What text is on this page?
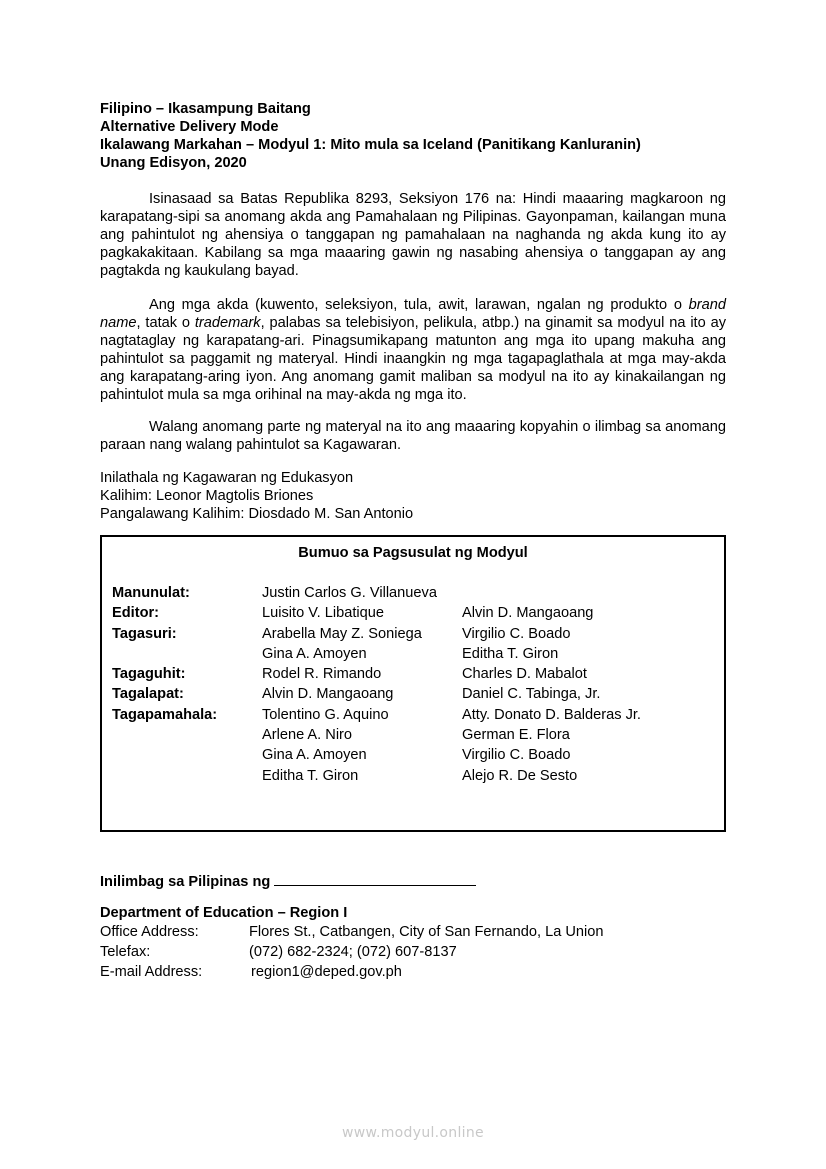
Filipino – Ikasampung Baitang
Alternative Delivery Mode
Ikalawang Markahan – Modyul 1: Mito mula sa Iceland (Panitikang Kanluranin)
Unang Edisyon, 2020
Isinasaad sa Batas Republika 8293, Seksiyon 176 na: Hindi maaaring magkaroon ng karapatang-sipi sa anomang akda ang Pamahalaan ng Pilipinas. Gayonpaman, kailangan muna ang pahintulot ng ahensiya o tanggapan ng pamahalaan na naghanda ng akda kung ito ay pagkakakitaan. Kabilang sa mga maaaring gawin ng nasabing ahensiya o tanggapan ay ang pagtakda ng kaukulang bayad.
Ang mga akda (kuwento, seleksiyon, tula, awit, larawan, ngalan ng produkto o brand name, tatak o trademark, palabas sa telebisiyon, pelikula, atbp.) na ginamit sa modyul na ito ay nagtataglay ng karapatang-ari. Pinagsumikapang matunton ang mga ito upang makuha ang pahintulot sa paggamit ng materyal. Hindi inaangkin ng mga tagapaglathala at mga may-akda ang karapatang-aring iyon. Ang anomang gamit maliban sa modyul na ito ay kinakailangan ng pahintulot mula sa mga orihinal na may-akda ng mga ito.
Walang anomang parte ng materyal na ito ang maaaring kopyahin o ilimbag sa anomang paraan nang walang pahintulot sa Kagawaran.
Inilathala ng Kagawaran ng Edukasyon
Kalihim: Leonor Magtolis Briones
Pangalawang Kalihim: Diosdado M. San Antonio
Bumuo sa Pagsusulat ng Modyul
Manunulat:	Justin Carlos G. Villanueva
Editor:	Luisito V. Libatique	Alvin D. Mangaoang
Tagasuri:	Arabella May Z. Soniega	Virgilio C. Boado
Gina A. Amoyen	Editha T. Giron
Tagaguhit:	Rodel R. Rimando	Charles D. Mabalot
Tagalapat:	Alvin D. Mangaoang	Daniel C. Tabinga, Jr.
Tagapamahala:	Tolentino G. Aquino	Atty. Donato D. Balderas Jr.
Arlene A. Niro	German E. Flora
Gina A. Amoyen	Virgilio C. Boado
Editha T. Giron	Alejo R. De Sesto
Inilimbag sa Pilipinas ng
Department of Education – Region I
Office Address:	Flores St., Catbangen, City of San Fernando, La Union
Telefax:	(072) 682-2324; (072) 607-8137
E-mail Address:	region1@deped.gov.ph
www.modyul.online
